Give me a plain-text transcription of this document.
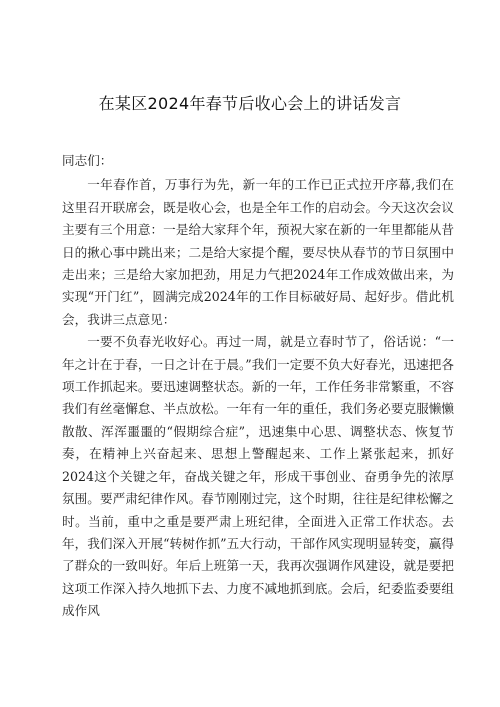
在某区2024年春节后收心会上的讲话发言

同志们：

一年春作首，万事行为先，新一年的工作已正式拉开序幕,我们在这里召开联席会，既是收心会，也是全年工作的启动会。今天这次会议主要有三个用意：一是给大家拜个年，预祝大家在新的一年里都能从昔日的揪心事中跳出来；二是给大家提个醒，要尽快从春节的节日氛围中走出来；三是给大家加把劲，用足力气把2024年工作成效做出来，为实现“开门红”，圆满完成2024年的工作目标破好局、起好步。借此机会，我讲三点意见：

一要不负春光收好心。再过一周，就是立春时节了，俗话说：“一年之计在于春，一日之计在于晨。”我们一定要不负大好春光，迅速把各项工作抓起来。要迅速调整状态。新的一年，工作任务非常繁重，不容我们有丝毫懈怠、半点放松。一年有一年的重任，我们务必要克服懒懒散散、浑浑噩噩的“假期综合症”，迅速集中心思、调整状态、恢复节奏，在精神上兴奋起来、思想上警醒起来、工作上紧张起来，抓好2024这个关键之年，奋战关键之年，形成干事创业、奋勇争先的浓厚氛围。要严肃纪律作风。春节刚刚过完，这个时期，往往是纪律松懈之时。当前，重中之重是要严肃上班纪律，全面进入正常工作状态。去年，我们深入开展“转树作抓”五大行动，干部作风实现明显转变，赢得了群众的一致叫好。年后上班第一天，我再次强调作风建设，就是要把这项工作深入持久地抓下去、力度不减地抓到底。会后，纪委监委要组成作风
